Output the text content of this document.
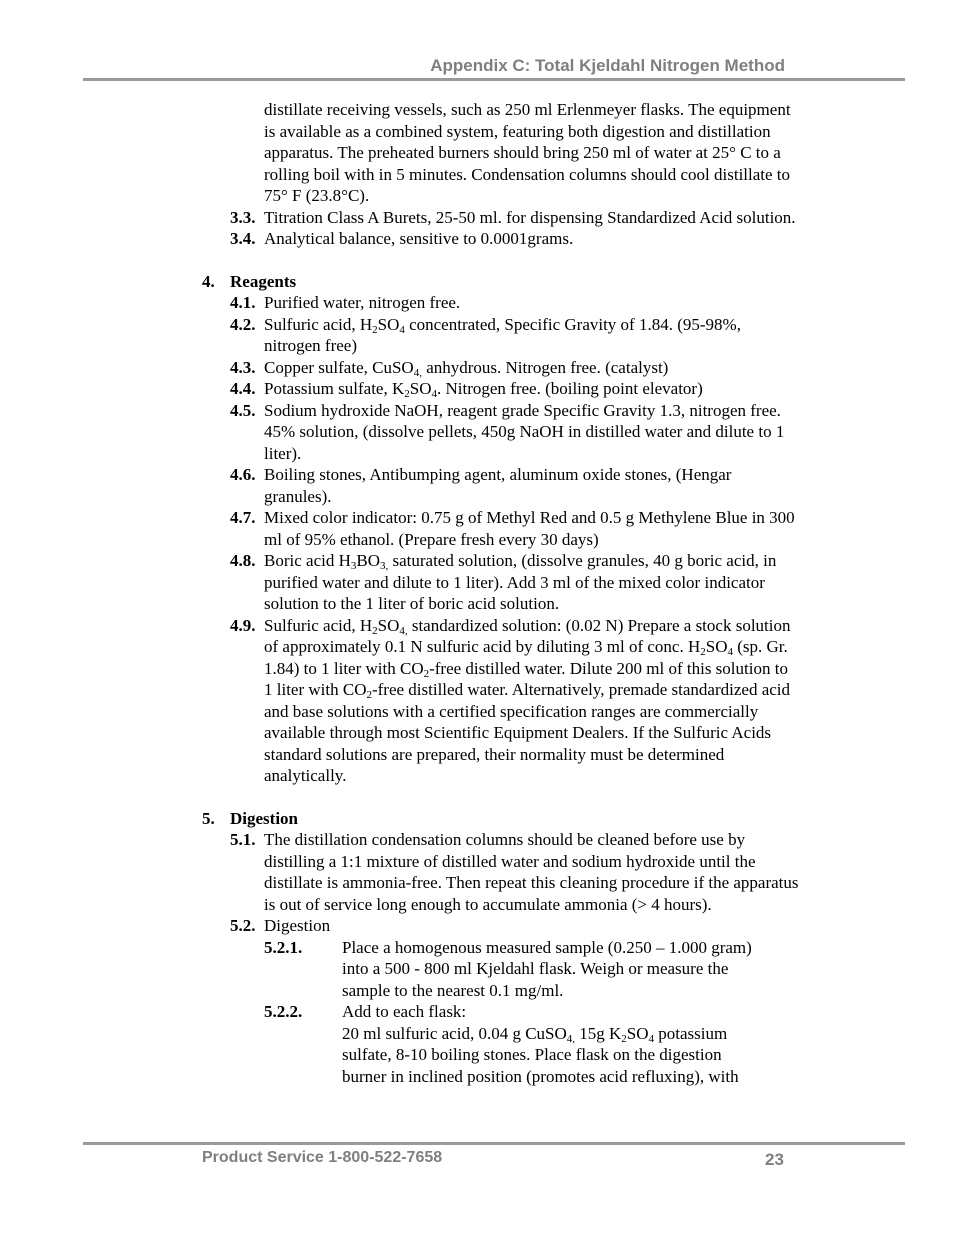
Appendix C: Total Kjeldahl Nitrogen Method
distillate receiving vessels, such as 250 ml Erlenmeyer flasks. The equipment is available as a combined system, featuring both digestion and distillation apparatus. The preheated burners should bring 250 ml of water at 25° C to a rolling boil with in 5 minutes. Condensation columns should cool distillate to 75° F (23.8°C).
3.3. Titration Class A Burets, 25-50 ml. for dispensing Standardized Acid solution.
3.4. Analytical balance, sensitive to 0.0001grams.
4. Reagents
4.1. Purified water, nitrogen free.
4.2. Sulfuric acid, $H_2SO_4$ concentrated, Specific Gravity of 1.84. (95-98%, nitrogen free)
4.3. Copper sulfate, CuSO$_{4,}$ anhydrous. Nitrogen free. (catalyst)
4.4. Potassium sulfate, $K_2SO_4$. Nitrogen free. (boiling point elevator)
4.5. Sodium hydroxide NaOH, reagent grade Specific Gravity 1.3, nitrogen free. 45% solution, (dissolve pellets, 450g NaOH in distilled water and dilute to 1 liter).
4.6. Boiling stones, Antibumping agent, aluminum oxide stones, (Hengar granules).
4.7. Mixed color indicator: 0.75 g of Methyl Red and 0.5 g Methylene Blue in 300 ml of 95% ethanol. (Prepare fresh every 30 days)
4.8. Boric acid $H_3BO_{3,}$ saturated solution, (dissolve granules, 40 g boric acid, in purified water and dilute to 1 liter). Add 3 ml of the mixed color indicator solution to the 1 liter of boric acid solution.
4.9. Sulfuric acid, $H_2SO_{4,}$ standardized solution: (0.02 N) Prepare a stock solution of approximately 0.1 N sulfuric acid by diluting 3 ml of conc. $H_2SO_4$ (sp. Gr. 1.84) to 1 liter with $CO_2$-free distilled water. Dilute 200 ml of this solution to 1 liter with $CO_2$-free distilled water. Alternatively, premade standardized acid and base solutions with a certified specification ranges are commercially available through most Scientific Equipment Dealers. If the Sulfuric Acids standard solutions are prepared, their normality must be determined analytically.
5. Digestion
5.1. The distillation condensation columns should be cleaned before use by distilling a 1:1 mixture of distilled water and sodium hydroxide until the distillate is ammonia-free. Then repeat this cleaning procedure if the apparatus is out of service long enough to accumulate ammonia (> 4 hours).
5.2. Digestion
5.2.1. Place a homogenous measured sample (0.250 – 1.000 gram) into a 500 - 800 ml Kjeldahl flask. Weigh or measure the sample to the nearest 0.1 mg/ml.
5.2.2. Add to each flask:
20 ml sulfuric acid, 0.04 g CuSO$_{4,}$ 15g $K_2SO_4$ potassium sulfate, 8-10 boiling stones. Place flask on the digestion burner in inclined position (promotes acid refluxing), with
Product Service 1-800-522-7658	23
